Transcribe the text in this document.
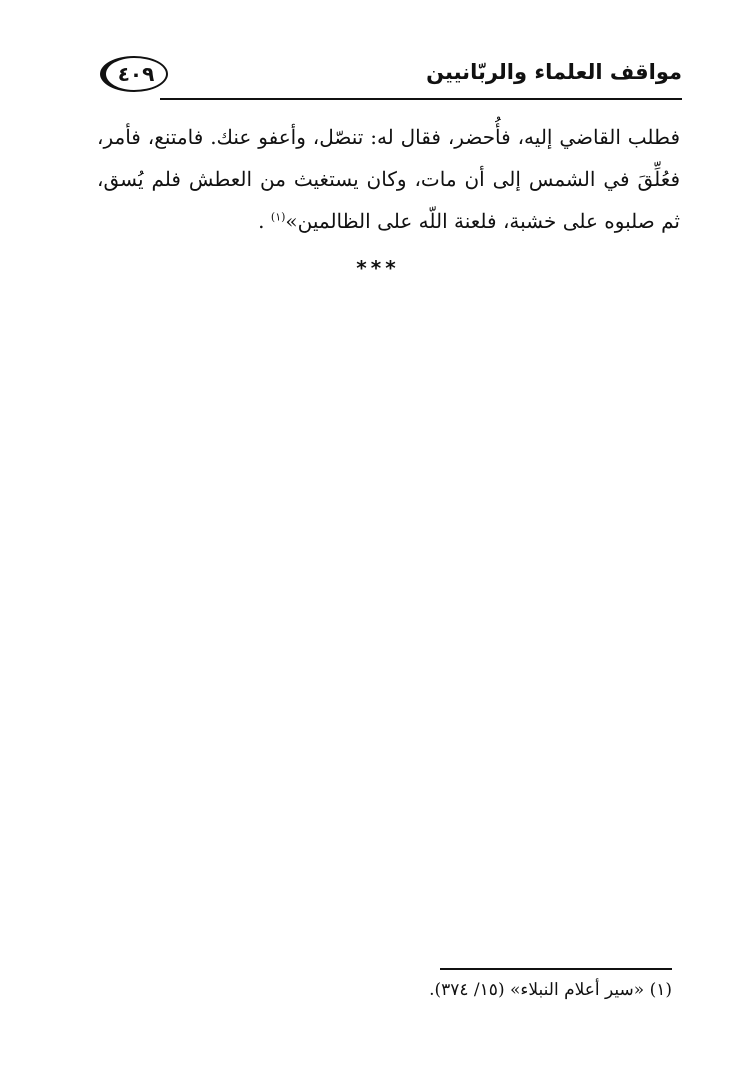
٤٠٩	مواقف العلماء والربّانيين
فطلب القاضي إليه، فأُحضر، فقال له: تنصّل، وأعفو عنك. فامتنع، فأمر، فعُلِّقَ في الشمس إلى أن مات، وكان يستغيث من العطش فلم يُسق، ثم صلبوه على خشبة، فلعنة اللّه على الظالمين»$^{(١)}$ .
***
(١) «سير أعلام النبلاء» (١٥/ ٣٧٤).
